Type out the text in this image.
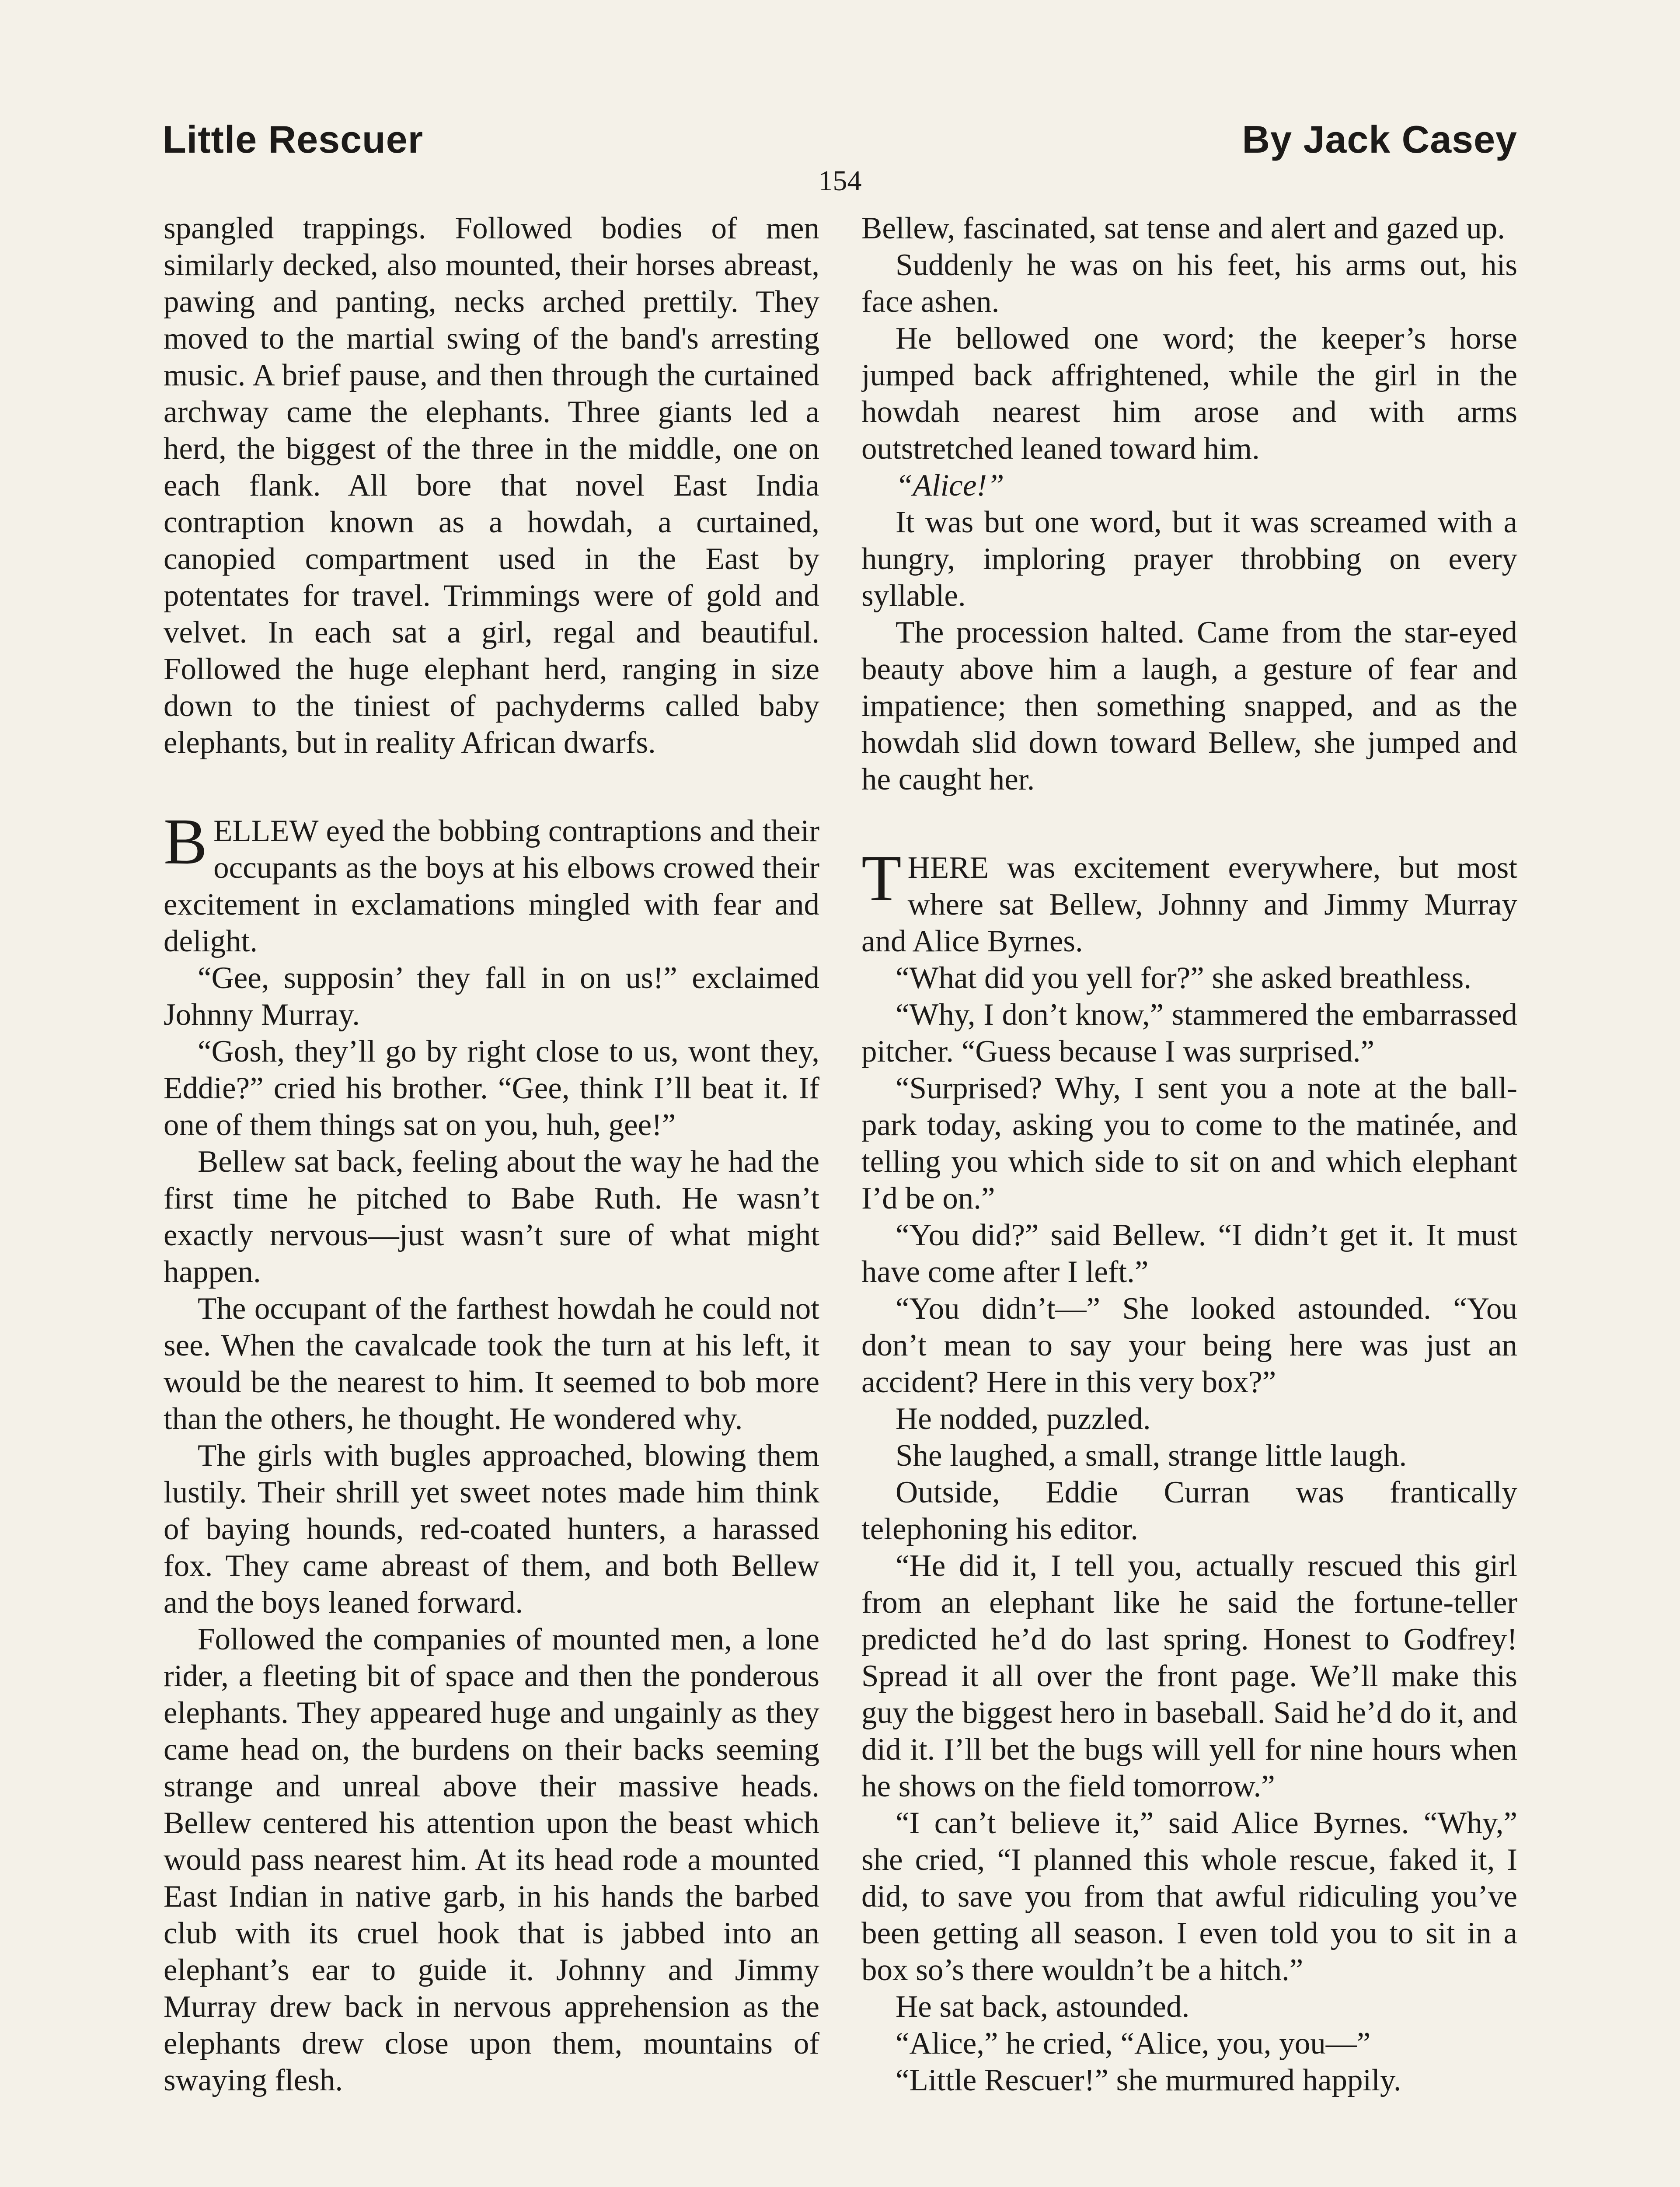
Little Rescuer	By Jack Casey
154

spangled trappings. Followed bodies of men similarly decked, also mounted, their horses abreast, pawing and panting, necks arched prettily. They moved to the martial swing of the band's arresting music. A brief pause, and then through the curtained archway came the elephants. Three giants led a herd, the biggest of the three in the middle, one on each flank. All bore that novel East India contraption known as a howdah, a curtained, canopied compartment used in the East by potentates for travel. Trimmings were of gold and velvet. In each sat a girl, regal and beautiful. Followed the huge elephant herd, ranging in size down to the tiniest of pachyderms called baby elephants, but in reality African dwarfs.

BELLEW eyed the bobbing contraptions and their occupants as the boys at his elbows crowed their excitement in exclamations mingled with fear and delight.

“Gee, supposin’ they fall in on us!” exclaimed Johnny Murray.

“Gosh, they’ll go by right close to us, wont they, Eddie?” cried his brother. “Gee, think I’ll beat it. If one of them things sat on you, huh, gee!”

Bellew sat back, feeling about the way he had the first time he pitched to Babe Ruth. He wasn’t exactly nervous—just wasn’t sure of what might happen.

The occupant of the farthest howdah he could not see. When the cavalcade took the turn at his left, it would be the nearest to him. It seemed to bob more than the others, he thought. He wondered why.

The girls with bugles approached, blowing them lustily. Their shrill yet sweet notes made him think of baying hounds, red-coated hunters, a harassed fox. They came abreast of them, and both Bellew and the boys leaned forward.

Followed the companies of mounted men, a lone rider, a fleeting bit of space and then the ponderous elephants. They appeared huge and ungainly as they came head on, the burdens on their backs seeming strange and unreal above their massive heads. Bellew centered his attention upon the beast which would pass nearest him. At its head rode a mounted East Indian in native garb, in his hands the barbed club with its cruel hook that is jabbed into an elephant’s ear to guide it. Johnny and Jimmy Murray drew back in nervous apprehension as the elephants drew close upon them, mountains of swaying flesh.

Bellew, fascinated, sat tense and alert and gazed up.

Suddenly he was on his feet, his arms out, his face ashen.

He bellowed one word; the keeper’s horse jumped back affrightened, while the girl in the howdah nearest him arose and with arms outstretched leaned toward him.

“Alice!”

It was but one word, but it was screamed with a hungry, imploring prayer throbbing on every syllable.

The procession halted. Came from the star-eyed beauty above him a laugh, a gesture of fear and impatience; then something snapped, and as the howdah slid down toward Bellew, she jumped and he caught her.

THERE was excitement everywhere, but most where sat Bellew, Johnny and Jimmy Murray and Alice Byrnes.

“What did you yell for?” she asked breathless.

“Why, I don’t know,” stammered the embarrassed pitcher. “Guess because I was surprised.”

“Surprised? Why, I sent you a note at the ball-park today, asking you to come to the matinée, and telling you which side to sit on and which elephant I’d be on.”

“You did?” said Bellew. “I didn’t get it. It must have come after I left.”

“You didn’t—” She looked astounded. “You don’t mean to say your being here was just an accident? Here in this very box?”

He nodded, puzzled.

She laughed, a small, strange little laugh.

Outside, Eddie Curran was frantically telephoning his editor.

“He did it, I tell you, actually rescued this girl from an elephant like he said the fortune-teller predicted he’d do last spring. Honest to Godfrey! Spread it all over the front page. We’ll make this guy the biggest hero in baseball. Said he’d do it, and did it. I’ll bet the bugs will yell for nine hours when he shows on the field tomorrow.”

“I can’t believe it,” said Alice Byrnes. “Why,” she cried, “I planned this whole rescue, faked it, I did, to save you from that awful ridiculing you’ve been getting all season. I even told you to sit in a box so’s there wouldn’t be a hitch.”

He sat back, astounded.

“Alice,” he cried, “Alice, you, you—”

“Little Rescuer!” she murmured happily.
